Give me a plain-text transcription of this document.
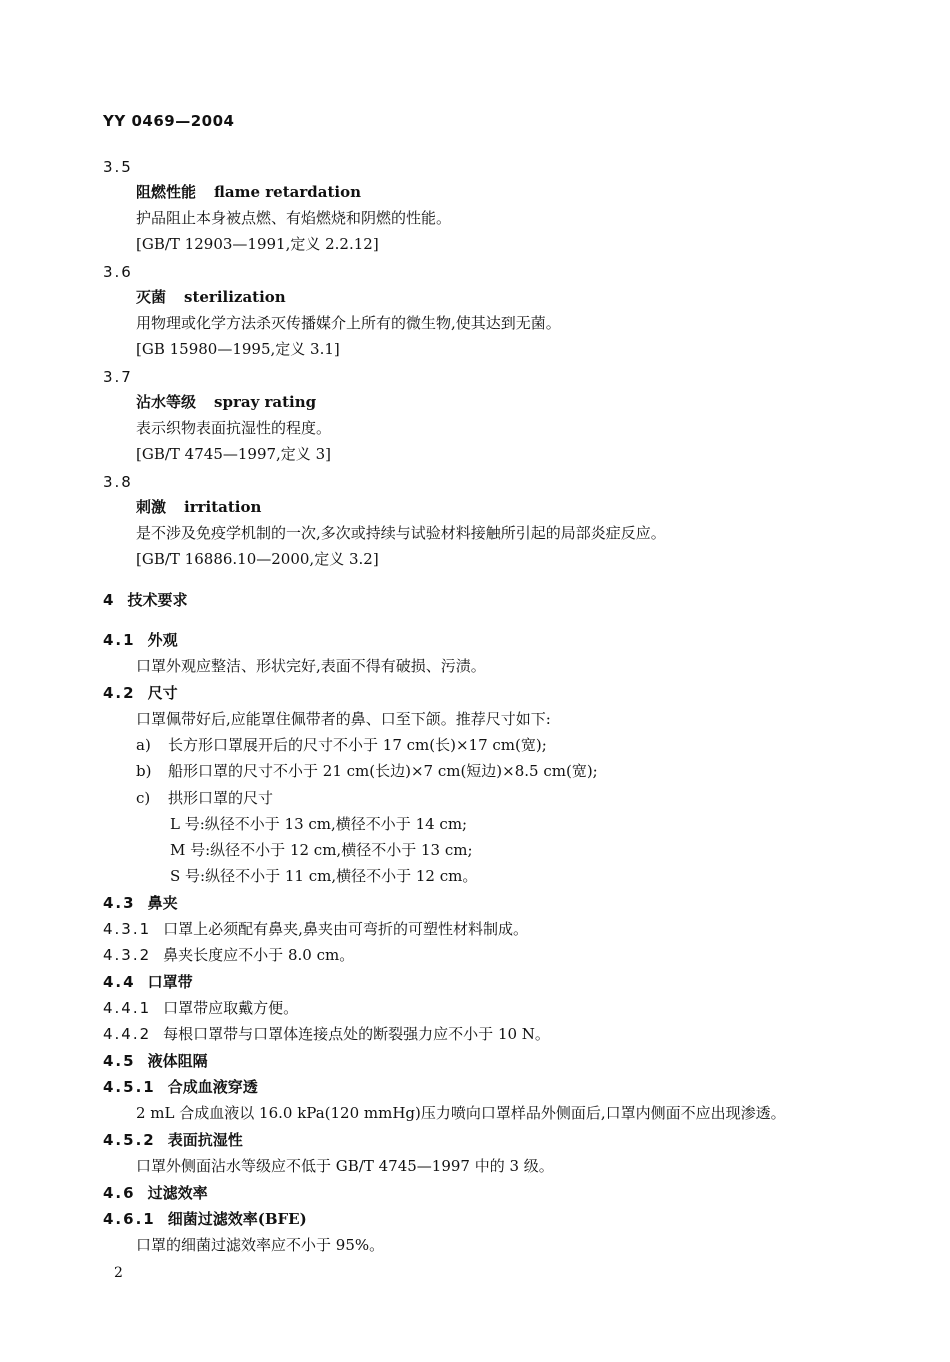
YY 0469—2004
3.5
阻燃性能 flame retardation
护品阻止本身被点燃、有焰燃烧和阴燃的性能。
[GB/T 12903—1991,定义 2.2.12]
3.6
灭菌 sterilization
用物理或化学方法杀灭传播媒介上所有的微生物,使其达到无菌。
[GB 15980—1995,定义 3.1]
3.7
沾水等级 spray rating
表示织物表面抗湿性的程度。
[GB/T 4745—1997,定义 3]
3.8
刺激 irritation
是不涉及免疫学机制的一次,多次或持续与试验材料接触所引起的局部炎症反应。
[GB/T 16886.10—2000,定义 3.2]
4 技术要求
4.1 外观
口罩外观应整洁、形状完好,表面不得有破损、污渍。
4.2 尺寸
口罩佩带好后,应能罩住佩带者的鼻、口至下颌。推荐尺寸如下:
a) 长方形口罩展开后的尺寸不小于 17 cm(长)×17 cm(宽);
b) 船形口罩的尺寸不小于 21 cm(长边)×7 cm(短边)×8.5 cm(宽);
c) 拱形口罩的尺寸
L 号:纵径不小于 13 cm,横径不小于 14 cm;
M 号:纵径不小于 12 cm,横径不小于 13 cm;
S 号:纵径不小于 11 cm,横径不小于 12 cm。
4.3 鼻夹
4.3.1 口罩上必须配有鼻夹,鼻夹由可弯折的可塑性材料制成。
4.3.2 鼻夹长度应不小于 8.0 cm。
4.4 口罩带
4.4.1 口罩带应取戴方便。
4.4.2 每根口罩带与口罩体连接点处的断裂强力应不小于 10 N。
4.5 液体阻隔
4.5.1 合成血液穿透
2 mL 合成血液以 16.0 kPa(120 mmHg)压力喷向口罩样品外侧面后,口罩内侧面不应出现渗透。
4.5.2 表面抗湿性
口罩外侧面沾水等级应不低于 GB/T 4745—1997 中的 3 级。
4.6 过滤效率
4.6.1 细菌过滤效率(BFE)
口罩的细菌过滤效率应不小于 95%。
2
